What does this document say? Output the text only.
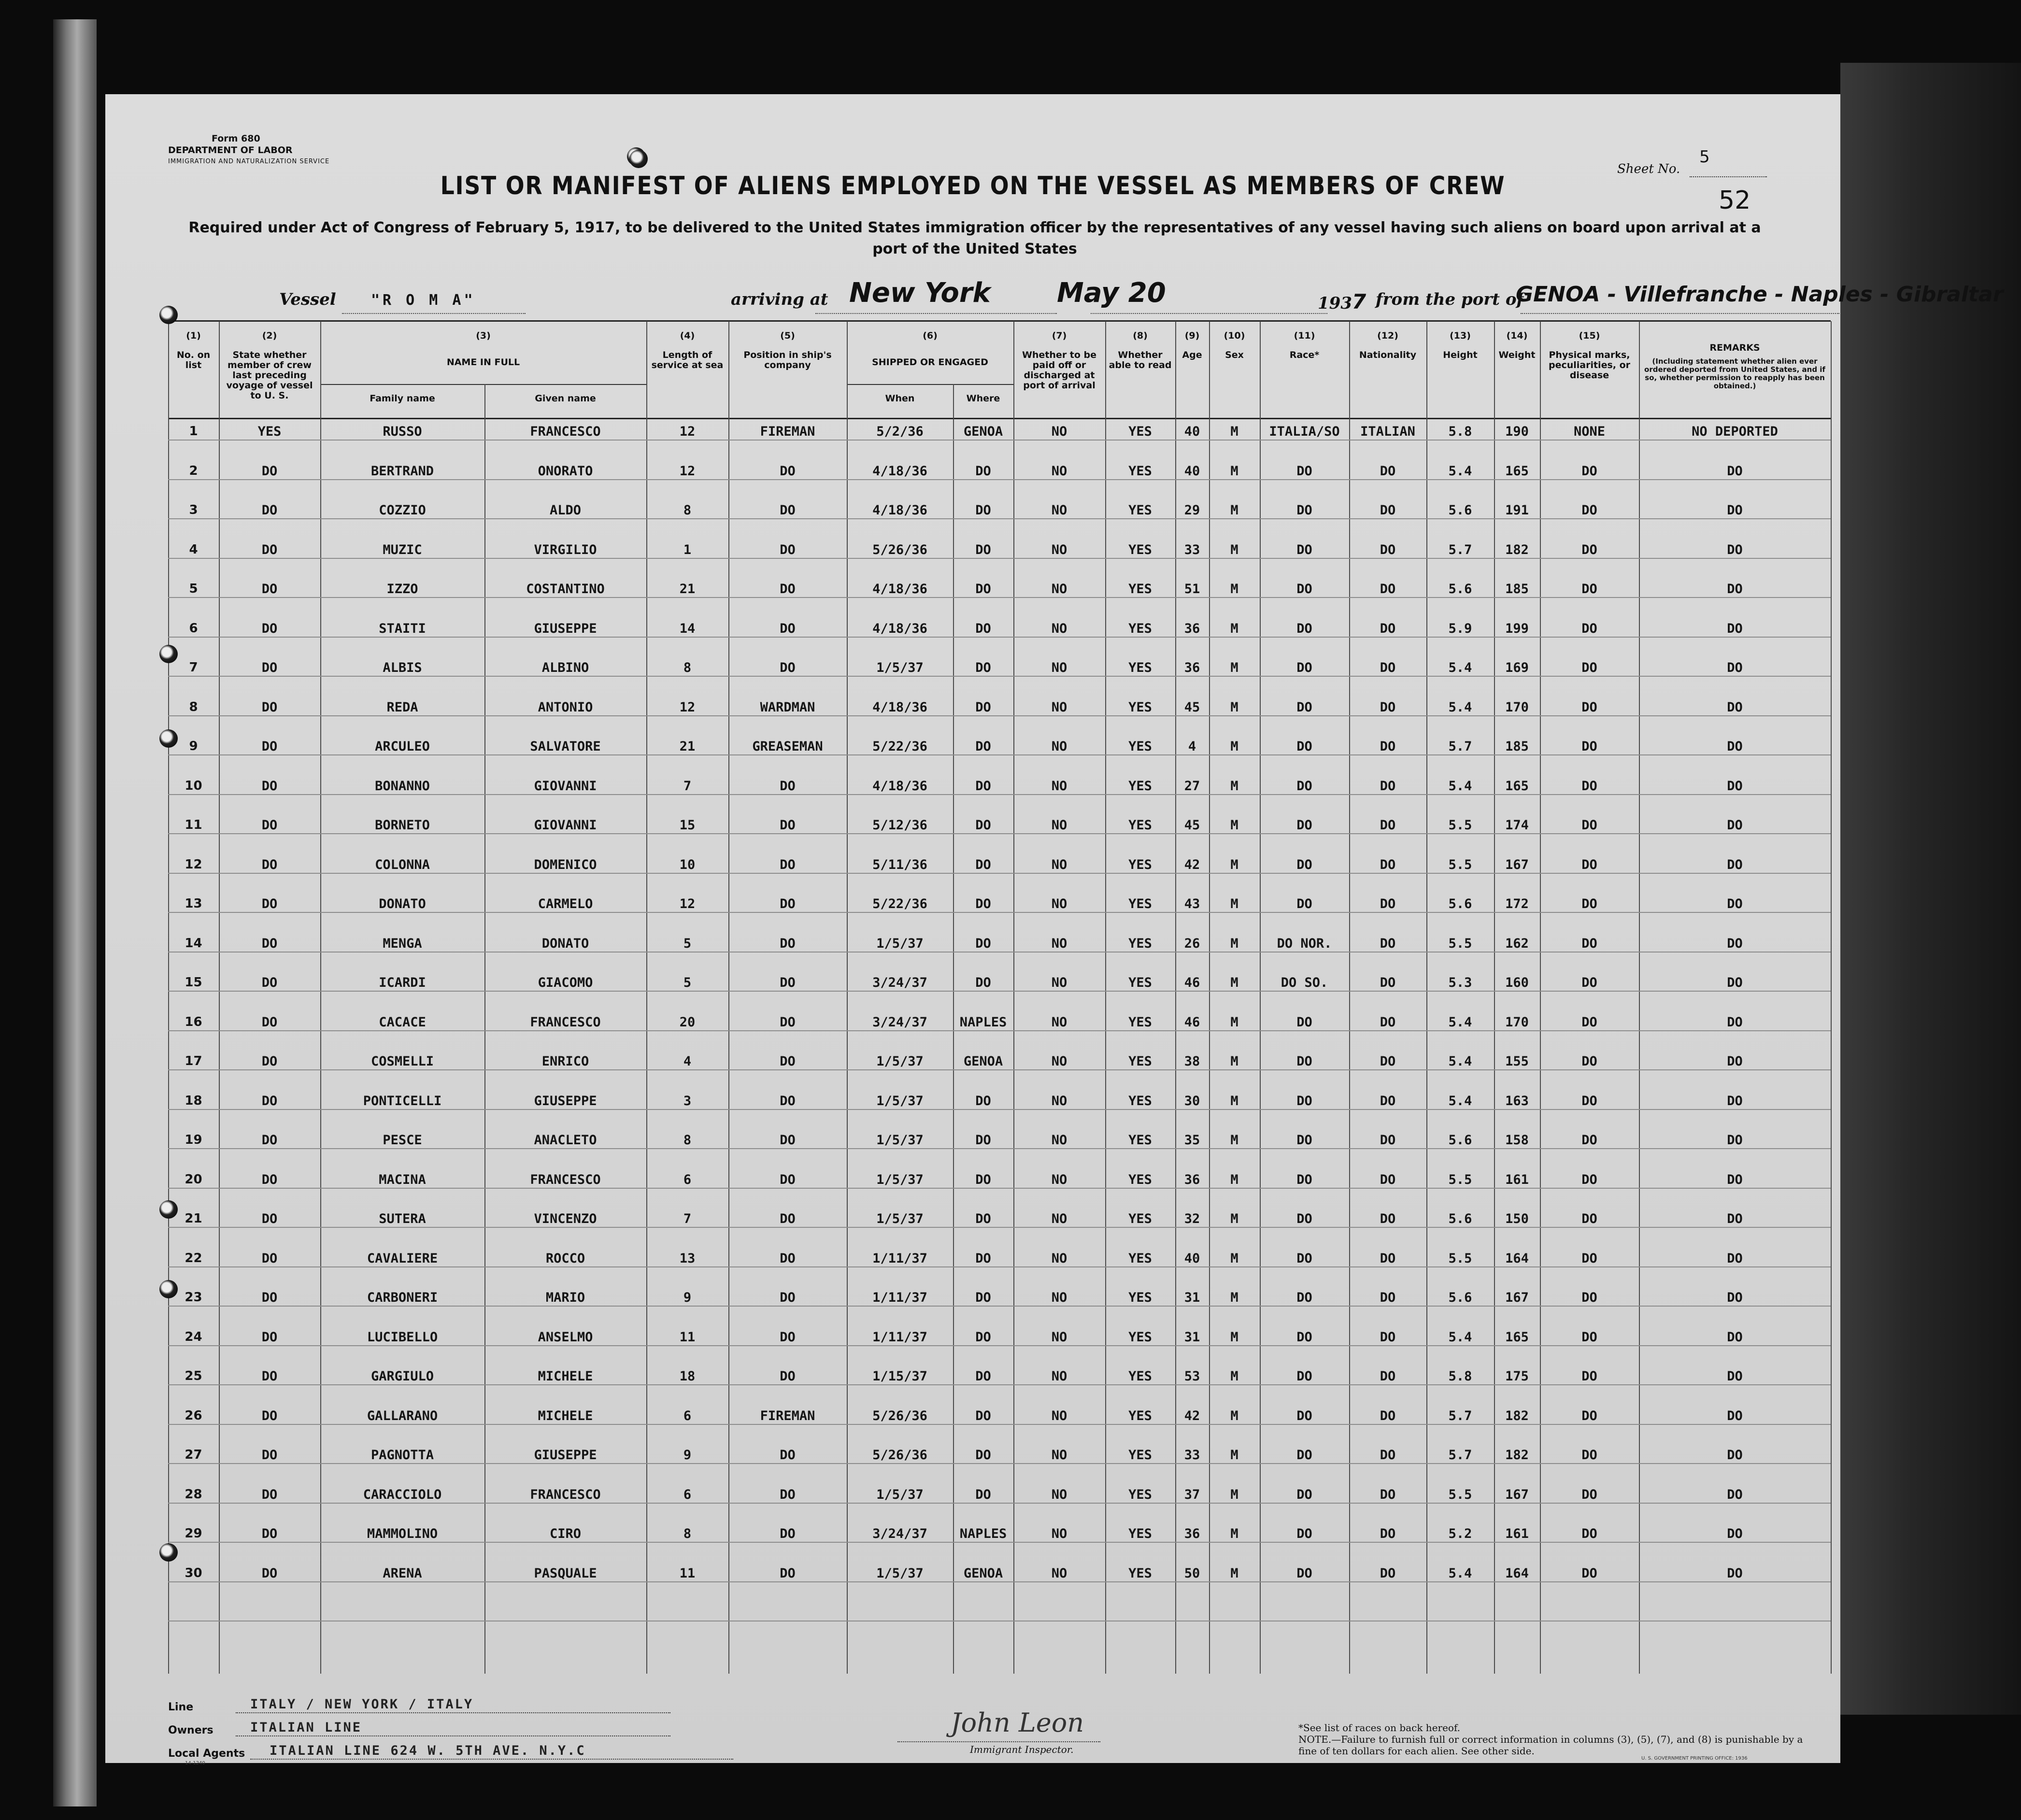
Form 680
DEPARTMENT OF LABOR
IMMIGRATION AND NATURALIZATION SERVICE
Sheet No.
5
52
LIST OR MANIFEST OF ALIENS EMPLOYED ON THE VESSEL AS MEMBERS OF CREW
Required under Act of Congress of February 5, 1917, to be delivered to the United States immigration officer by the representatives of any vessel having such aliens on board upon arrival at a
port of the United States
Vessel "R O M A"	arriving at New York May 20	1937 from the port of
GENOA - Villefranche - Naples - Gibraltar
(1)
No. on list
(2)
State whether member of crew last preceding voyage of vessel to U. S.
(3)
NAME IN FULL
(4)
Length of service at sea
(5)
Position in ship's company
(6)
SHIPPED OR ENGAGED
(7)
Whether to be paid off or discharged at port of arrival
(8)
Whether able to read
(9)
Age
(10)
Sex
(11)
Race*
(12)
Nationality
(13)
Height
(14)
Weight
(15)
Physical marks, peculiarities, or disease
REMARKS
(Including statement whether alien ever ordered deported from United States, and if so, whether permission to reapply has been obtained.)
Family name	Given name	When	Where
1	YES	RUSSO	FRANCESCO	12	FIREMAN	5/2/36	GENOA	NO	YES	40	M	ITALIA/SO	ITALIAN	5.8	190	NONE	NO DEPORTED
2	DO	BERTRAND	ONORATO	12	DO	4/18/36	DO	NO	YES	40	M	DO	DO	5.4	165	DO	DO
3	DO	COZZIO	ALDO	8	DO	4/18/36	DO	NO	YES	29	M	DO	DO	5.6	191	DO	DO
4	DO	MUZIC	VIRGILIO	1	DO	5/26/36	DO	NO	YES	33	M	DO	DO	5.7	182	DO	DO
5	DO	IZZO	COSTANTINO	21	DO	4/18/36	DO	NO	YES	51	M	DO	DO	5.6	185	DO	DO
6	DO	STAITI	GIUSEPPE	14	DO	4/18/36	DO	NO	YES	36	M	DO	DO	5.9	199	DO	DO
7	DO	ALBIS	ALBINO	8	DO	1/5/37	DO	NO	YES	36	M	DO	DO	5.4	169	DO	DO
8	DO	REDA	ANTONIO	12	WARDMAN	4/18/36	DO	NO	YES	45	M	DO	DO	5.4	170	DO	DO
9	DO	ARCULEO	SALVATORE	21	GREASEMAN	5/22/36	DO	NO	YES	4	M	DO	DO	5.7	185	DO	DO
10	DO	BONANNO	GIOVANNI	7	DO	4/18/36	DO	NO	YES	27	M	DO	DO	5.4	165	DO	DO
11	DO	BORNETO	GIOVANNI	15	DO	5/12/36	DO	NO	YES	45	M	DO	DO	5.5	174	DO	DO
12	DO	COLONNA	DOMENICO	10	DO	5/11/36	DO	NO	YES	42	M	DO	DO	5.5	167	DO	DO
13	DO	DONATO	CARMELO	12	DO	5/22/36	DO	NO	YES	43	M	DO	DO	5.6	172	DO	DO
14	DO	MENGA	DONATO	5	DO	1/5/37	DO	NO	YES	26	M	DO NOR.	DO	5.5	162	DO	DO
15	DO	ICARDI	GIACOMO	5	DO	3/24/37	DO	NO	YES	46	M	DO SO.	DO	5.3	160	DO	DO
16	DO	CACACE	FRANCESCO	20	DO	3/24/37	NAPLES	NO	YES	46	M	DO	DO	5.4	170	DO	DO
17	DO	COSMELLI	ENRICO	4	DO	1/5/37	GENOA	NO	YES	38	M	DO	DO	5.4	155	DO	DO
18	DO	PONTICELLI	GIUSEPPE	3	DO	1/5/37	DO	NO	YES	30	M	DO	DO	5.4	163	DO	DO
19	DO	PESCE	ANACLETO	8	DO	1/5/37	DO	NO	YES	35	M	DO	DO	5.6	158	DO	DO
20	DO	MACINA	FRANCESCO	6	DO	1/5/37	DO	NO	YES	36	M	DO	DO	5.5	161	DO	DO
21	DO	SUTERA	VINCENZO	7	DO	1/5/37	DO	NO	YES	32	M	DO	DO	5.6	150	DO	DO
22	DO	CAVALIERE	ROCCO	13	DO	1/11/37	DO	NO	YES	40	M	DO	DO	5.5	164	DO	DO
23	DO	CARBONERI	MARIO	9	DO	1/11/37	DO	NO	YES	31	M	DO	DO	5.6	167	DO	DO
24	DO	LUCIBELLO	ANSELMO	11	DO	1/11/37	DO	NO	YES	31	M	DO	DO	5.4	165	DO	DO
25	DO	GARGIULO	MICHELE	18	DO	1/15/37	DO	NO	YES	53	M	DO	DO	5.8	175	DO	DO
26	DO	GALLARANO	MICHELE	6	FIREMAN	5/26/36	DO	NO	YES	42	M	DO	DO	5.7	182	DO	DO
27	DO	PAGNOTTA	GIUSEPPE	9	DO	5/26/36	DO	NO	YES	33	M	DO	DO	5.7	182	DO	DO
28	DO	CARACCIOLO	FRANCESCO	6	DO	1/5/37	DO	NO	YES	37	M	DO	DO	5.5	167	DO	DO
29	DO	MAMMOLINO	CIRO	8	DO	3/24/37	NAPLES	NO	YES	36	M	DO	DO	5.2	161	DO	DO
30	DO	ARENA	PASQUALE	11	DO	1/5/37	GENOA	NO	YES	50	M	DO	DO	5.4	164	DO	DO
Line	ITALY / NEW YORK / ITALY
Owners	ITALIAN LINE
Local Agents ITALIAN LINE 624 W. 5TH AVE. N.Y.C
14-1240
John Leon
Immigrant Inspector.
*See list of races on back hereof.
NOTE.—Failure to furnish full or correct information in columns (3), (5), (7), and (8) is punishable by a fine of ten dollars for each alien. See other side.
U. S. GOVERNMENT PRINTING OFFICE: 1936
